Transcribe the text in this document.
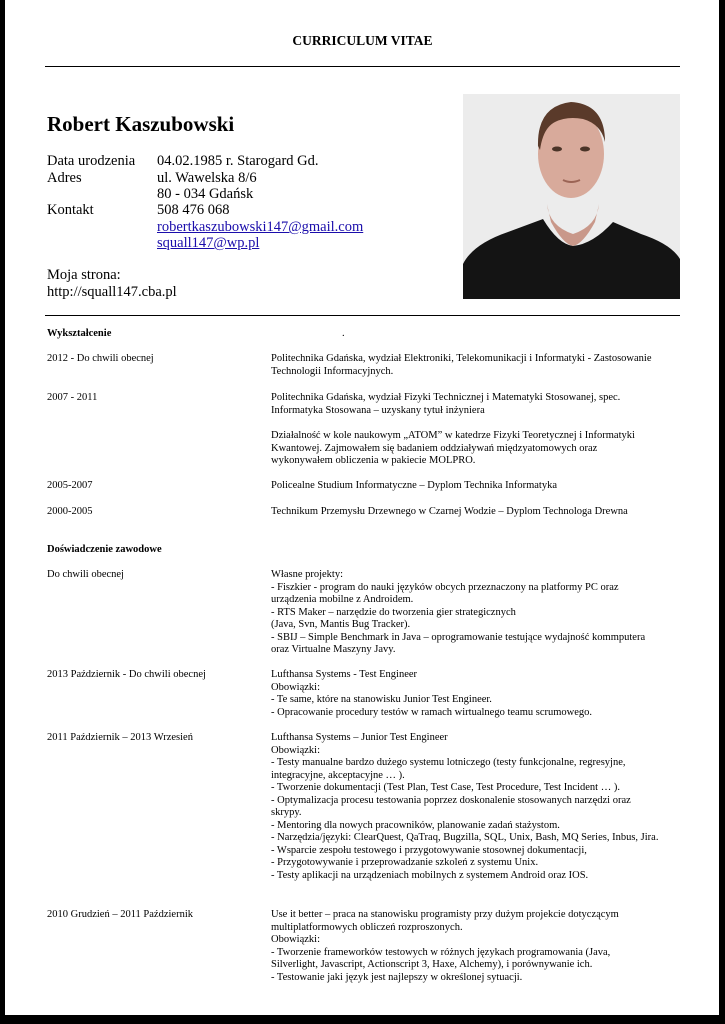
CURRICULUM VITAE
Robert Kaszubowski
Data urodzenia 04.02.1985 r. Starogard Gd.
Adres	ul. Wawelska 8/6
80 - 034 Gdańsk
Kontakt	508 476 068
robertkaszubowski147@gmail.com
squall147@wp.pl
Moja strona:
http://squall147.cba.pl
Wykształcenie	.
2012 - Do chwili obecnej	Politechnika Gdańska, wydział Elektroniki, Telekomunikacji i Informatyki - Zastosowanie
Technologii Informacyjnych.
2007 - 2011	Politechnika Gdańska, wydział Fizyki Technicznej i Matematyki Stosowanej, spec.
Informatyka Stosowana – uzyskany tytuł inżyniera
Działalność w kole naukowym „ATOM” w katedrze Fizyki Teoretycznej i Informatyki
Kwantowej. Zajmowałem się badaniem oddziaływań międzyatomowych oraz
wykonywałem obliczenia w pakiecie MOLPRO.
2005-2007	Policealne Studium Informatyczne – Dyplom Technika Informatyka
2000-2005	Technikum Przemysłu Drzewnego w Czarnej Wodzie – Dyplom Technologa Drewna
Doświadczenie zawodowe
Do chwili obecnej	Własne projekty:
- Fiszkier - program do nauki języków obcych przeznaczony na platformy PC oraz
urządzenia mobilne z Androidem.
- RTS Maker – narzędzie do tworzenia gier strategicznych
(Java, Svn, Mantis Bug Tracker).
- SBIJ – Simple Benchmark in Java – oprogramowanie testujące wydajność kommputera
oraz Virtualne Maszyny Javy.
2013 Październik - Do chwili obecnej	Lufthansa Systems - Test Engineer
Obowiązki:
- Te same, które na stanowisku Junior Test Engineer.
- Opracowanie procedury testów w ramach wirtualnego teamu scrumowego.
2011 Październik – 2013 Wrzesień	Lufthansa Systems – Junior Test Engineer
Obowiązki:
- Testy manualne bardzo dużego systemu lotniczego (testy funkcjonalne, regresyjne,
integracyjne, akceptacyjne … ).
- Tworzenie dokumentacji (Test Plan, Test Case, Test Procedure, Test Incident … ).
- Optymalizacja procesu testowania poprzez doskonalenie stosowanych narzędzi oraz
skrypy.
- Mentoring dla nowych pracowników, planowanie zadań stażystom.
- Narzędzia/języki: ClearQuest, QaTraq, Bugzilla, SQL, Unix, Bash, MQ Series, Inbus, Jira.
- Wsparcie zespołu testowego i przygotowywanie stosownej dokumentacji,
- Przygotowywanie i przeprowadzanie szkoleń z systemu Unix.
- Testy aplikacji na urządzeniach mobilnych z systemem Android oraz IOS.
2010 Grudzień – 2011 Październik	Use it better – praca na stanowisku programisty przy dużym projekcie dotyczącym
multiplatformowych obliczeń rozproszonych.
Obowiązki:
- Tworzenie frameworków testowych w różnych językach programowania (Java,
Silverlight, Javascript, Actionscript 3, Haxe, Alchemy), i porównywanie ich.
- Testowanie jaki język jest najlepszy w określonej sytuacji.
